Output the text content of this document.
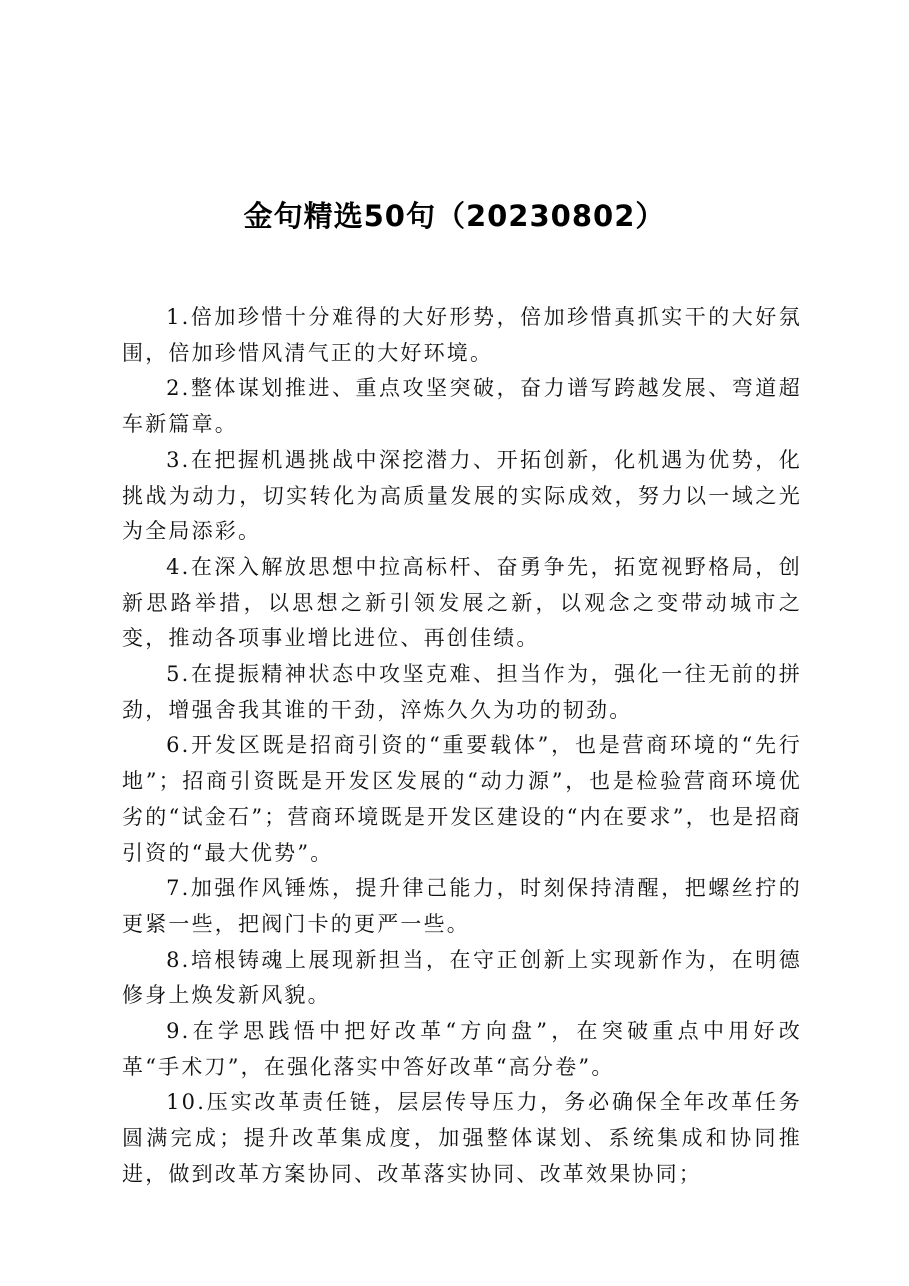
金句精选50句（20230802）

1.倍加珍惜十分难得的大好形势，倍加珍惜真抓实干的大好氛围，倍加珍惜风清气正的大好环境。

2.整体谋划推进、重点攻坚突破，奋力谱写跨越发展、弯道超车新篇章。

3.在把握机遇挑战中深挖潜力、开拓创新，化机遇为优势，化挑战为动力，切实转化为高质量发展的实际成效，努力以一域之光为全局添彩。

4.在深入解放思想中拉高标杆、奋勇争先，拓宽视野格局，创新思路举措，以思想之新引领发展之新，以观念之变带动城市之变，推动各项事业增比进位、再创佳绩。

5.在提振精神状态中攻坚克难、担当作为，强化一往无前的拼劲，增强舍我其谁的干劲，淬炼久久为功的韧劲。

6.开发区既是招商引资的“重要载体”，也是营商环境的“先行地”；招商引资既是开发区发展的“动力源”，也是检验营商环境优劣的“试金石”；营商环境既是开发区建设的“内在要求”，也是招商引资的“最大优势”。

7.加强作风锤炼，提升律己能力，时刻保持清醒，把螺丝拧的更紧一些，把阀门卡的更严一些。

8.培根铸魂上展现新担当，在守正创新上实现新作为，在明德修身上焕发新风貌。

9.在学思践悟中把好改革“方向盘”，在突破重点中用好改革“手术刀”，在强化落实中答好改革“高分卷”。

10.压实改革责任链，层层传导压力，务必确保全年改革任务圆满完成；提升改革集成度，加强整体谋划、系统集成和协同推进，做到改革方案协同、改革落实协同、改革效果协同；
